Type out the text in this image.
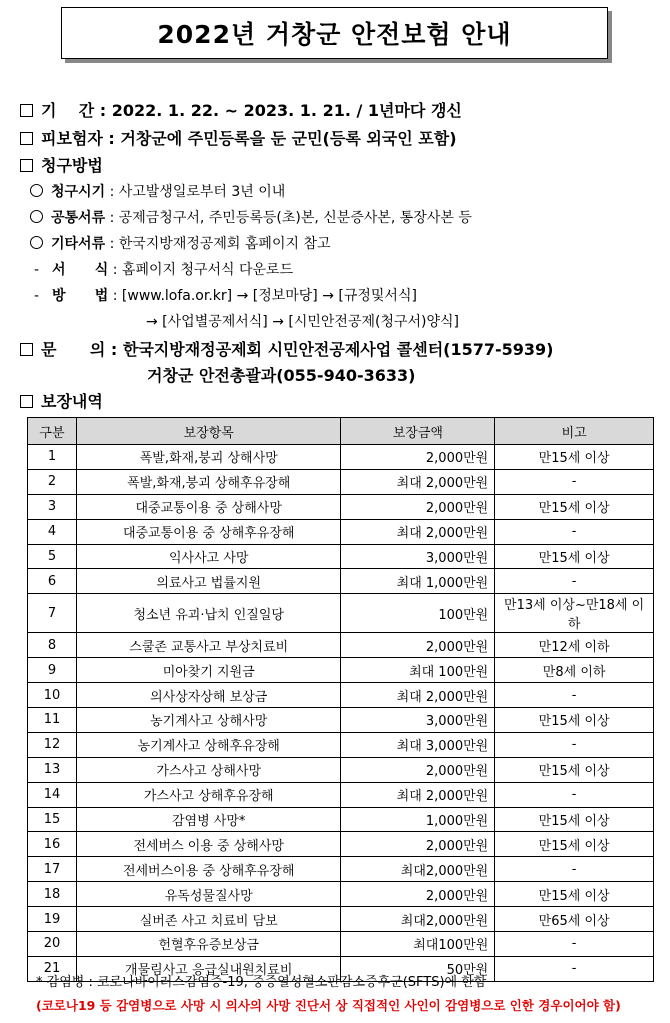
2022년 거창군 안전보험 안내
기    간 : 2022. 1. 22. ~ 2023. 1. 21. / 1년마다 갱신
피보험자 : 거창군에 주민등록을 둔 군민(등록 외국인 포함)
청구방법
청구시기 : 사고발생일로부터 3년 이내
공통서류 : 공제금청구서, 주민등록등(초)본, 신분증사본, 통장사본 등
기타서류 : 한국지방재정공제회 홈페이지 참고
- 서      식 : 홈페이지 청구서식 다운로드
- 방      법 : [www.lofa.or.kr] → [정보마당] → [규정및서식]
→ [사업별공제서식] → [시민안전공제(청구서)양식]
문      의 : 한국지방재정공제회 시민안전공제사업 콜센터(1577-5939)
거창군 안전총괄과(055-940-3633)
보장내역
구분	보장항목	보장금액	비고
1	폭발,화재,붕괴 상해사망	2,000만원	만15세 이상
2	폭발,화재,붕괴 상해후유장해	최대 2,000만원	-
3	대중교통이용 중 상해사망	2,000만원	만15세 이상
4	대중교통이용 중 상해후유장해	최대 2,000만원	-
5	익사사고 사망	3,000만원	만15세 이상
6	의료사고 법률지원	최대 1,000만원	-
7	청소년 유괴·납치 인질일당	100만원	만13세 이상~만18세 이하
8	스쿨존 교통사고 부상치료비	2,000만원	만12세 이하
9	미아찾기 지원금	최대 100만원	만8세 이하
10	의사상자상해 보상금	최대 2,000만원	-
11	농기계사고 상해사망	3,000만원	만15세 이상
12	농기계사고 상해후유장해	최대 3,000만원	-
13	가스사고 상해사망	2,000만원	만15세 이상
14	가스사고 상해후유장해	최대 2,000만원	-
15	감염병 사망*	1,000만원	만15세 이상
16	전세버스 이용 중 상해사망	2,000만원	만15세 이상
17	전세버스이용 중 상해후유장해	최대2,000만원	-
18	유독성물질사망	2,000만원	만15세 이상
19	실버존 사고 치료비 담보	최대2,000만원	만65세 이상
20	헌혈후유증보상금	최대100만원	-
21	개물림사고 응급실내원치료비	50만원	-
* 감염병 : 코로나바이러스감염증-19, 중증열성혈소판감소증후군(SFTS)에 한함
(코로나19 등 감염병으로 사망 시 의사의 사망 진단서 상 직접적인 사인이 감염병으로 인한 경우이어야 함)
